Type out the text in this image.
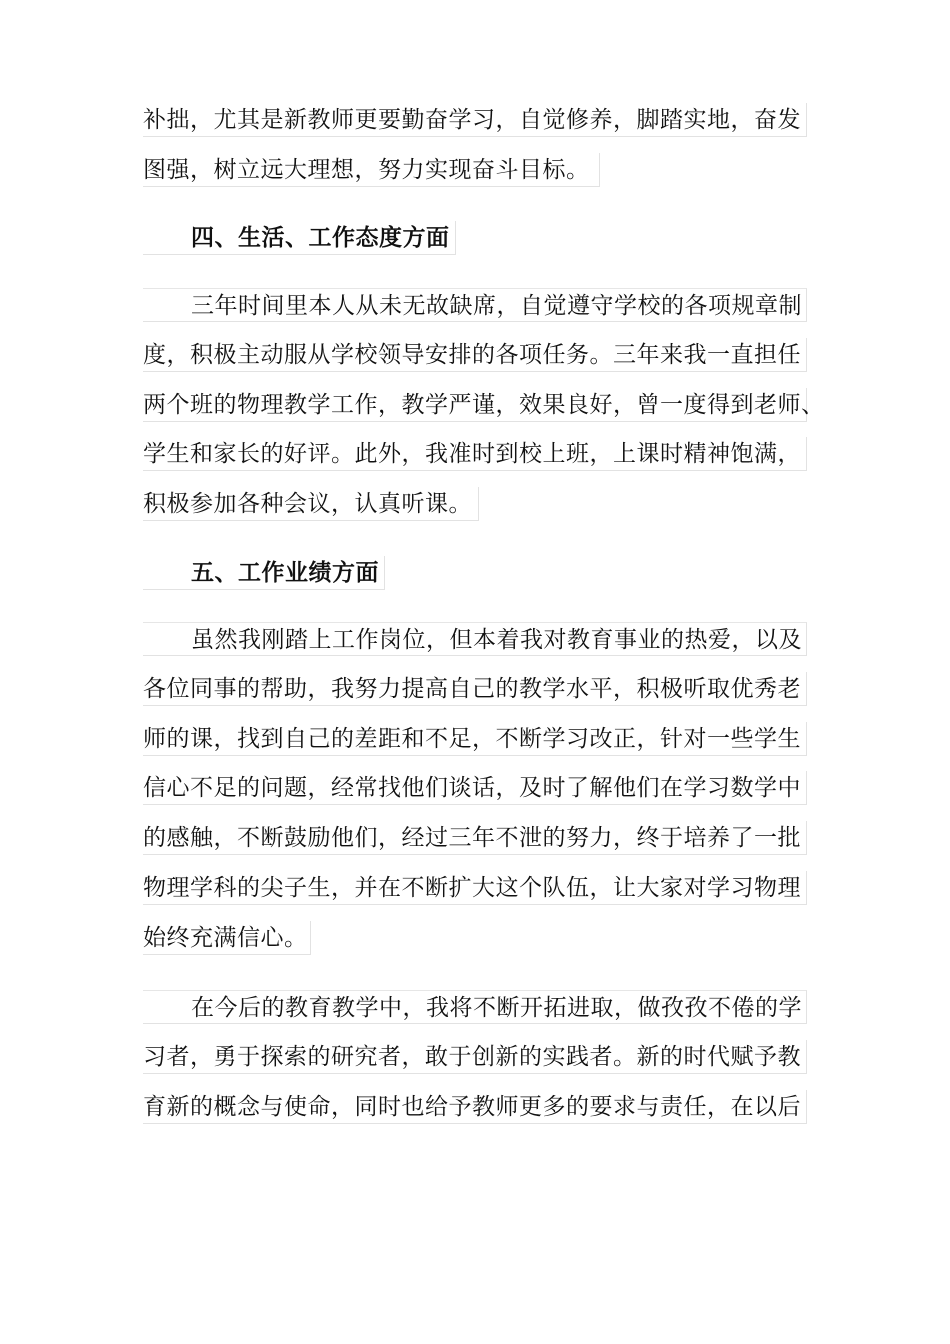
补拙，尤其是新教师更要勤奋学习，自觉修养，脚踏实地，奋发
图强，树立远大理想，努力实现奋斗目标。
四、生活、工作态度方面
三年时间里本人从未无故缺席，自觉遵守学校的各项规章制
度，积极主动服从学校领导安排的各项任务。三年来我一直担任
两个班的物理教学工作，教学严谨，效果良好，曾一度得到老师、
学生和家长的好评。此外，我准时到校上班，上课时精神饱满，
积极参加各种会议，认真听课。
五、工作业绩方面
虽然我刚踏上工作岗位，但本着我对教育事业的热爱，以及
各位同事的帮助，我努力提高自己的教学水平，积极听取优秀老
师的课，找到自己的差距和不足，不断学习改正，针对一些学生
信心不足的问题，经常找他们谈话，及时了解他们在学习数学中
的感触，不断鼓励他们，经过三年不泄的努力，终于培养了一批
物理学科的尖子生，并在不断扩大这个队伍，让大家对学习物理
始终充满信心。
在今后的教育教学中，我将不断开拓进取，做孜孜不倦的学
习者，勇于探索的研究者，敢于创新的实践者。新的时代赋予教
育新的概念与使命，同时也给予教师更多的要求与责任，在以后
